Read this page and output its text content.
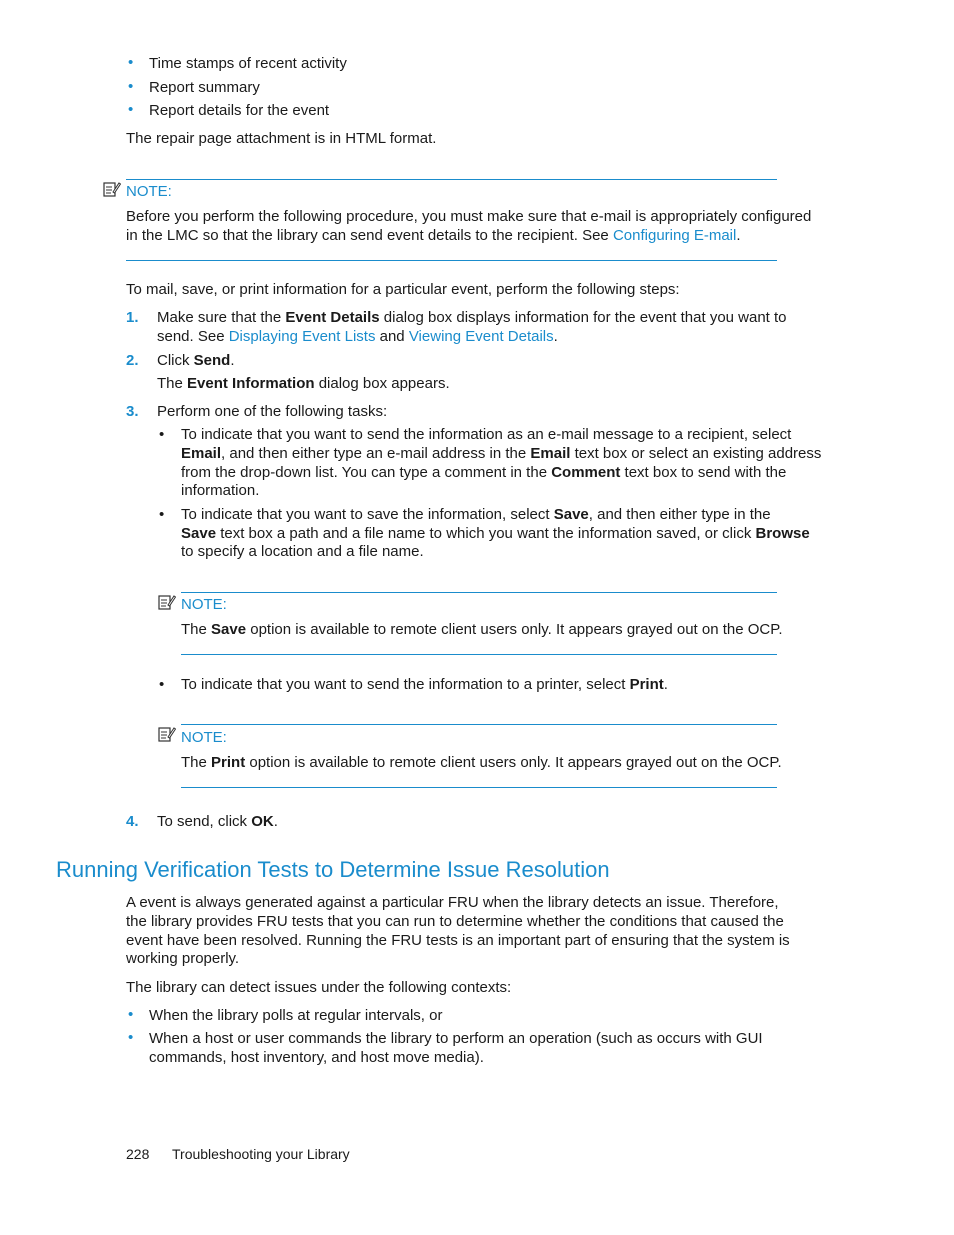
• Time stamps of recent activity
• Report summary
• Report details for the event
The repair page attachment is in HTML format.
NOTE:
Before you perform the following procedure, you must make sure that e-mail is appropriately configured
in the LMC so that the library can send event details to the recipient. See Configuring E-mail.
To mail, save, or print information for a particular event, perform the following steps:
1. Make sure that the Event Details dialog box displays information for the event that you want to
send. See Displaying Event Lists and Viewing Event Details.
2. Click Send.
The Event Information dialog box appears.
3. Perform one of the following tasks:
• To indicate that you want to send the information as an e-mail message to a recipient, select
Email, and then either type an e-mail address in the Email text box or select an existing address
from the drop-down list. You can type a comment in the Comment text box to send with the
information.
• To indicate that you want to save the information, select Save, and then either type in the
Save text box a path and a file name to which you want the information saved, or click Browse
to specify a location and a file name.
NOTE:
The Save option is available to remote client users only. It appears grayed out on the OCP.
• To indicate that you want to send the information to a printer, select Print.
NOTE:
The Print option is available to remote client users only. It appears grayed out on the OCP.
4. To send, click OK.
Running Verification Tests to Determine Issue Resolution
A event is always generated against a particular FRU when the library detects an issue. Therefore,
the library provides FRU tests that you can run to determine whether the conditions that caused the
event have been resolved. Running the FRU tests is an important part of ensuring that the system is
working properly.
The library can detect issues under the following contexts:
• When the library polls at regular intervals, or
• When a host or user commands the library to perform an operation (such as occurs with GUI
commands, host inventory, and host move media).
228 Troubleshooting your Library
